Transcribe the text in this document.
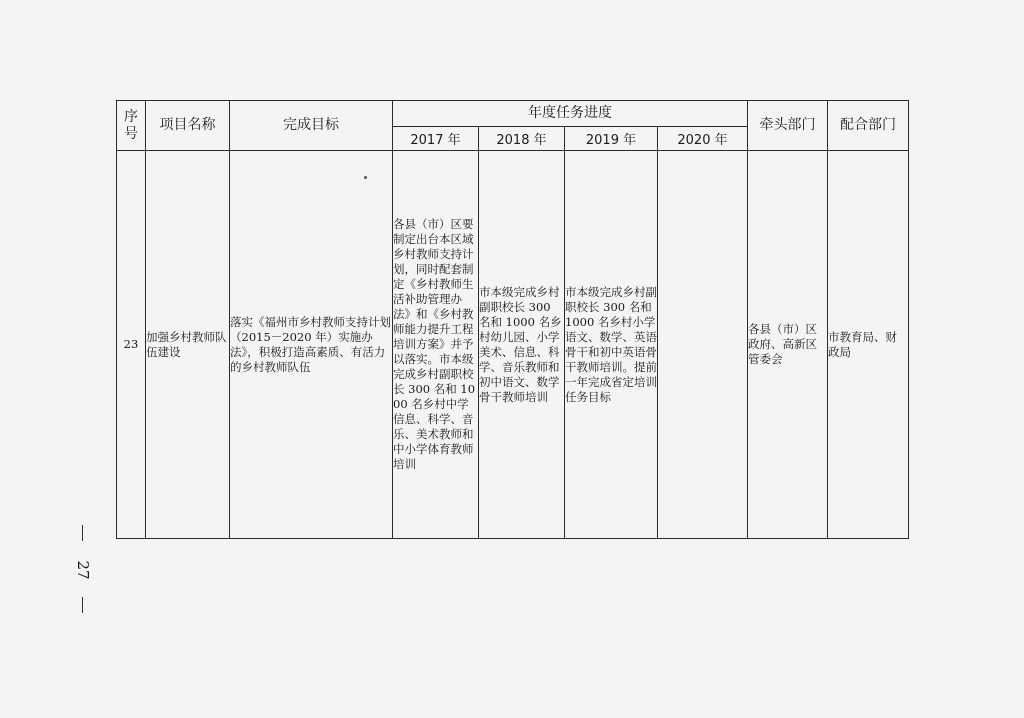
序号	项目名称	完成目标	年度任务进度				牵头部门	配合部门
			2017 年	2018 年	2019 年	2020 年		
23	加强乡村教师队伍建设	落实《福州市乡村教师支持计划（2015－2020 年）实施办法》，积极打造高素质、有活力的乡村教师队伍	各县（市）区要制定出台本区域乡村教师支持计划，同时配套制定《乡村教师生活补助管理办法》和《乡村教师能力提升工程培训方案》并予以落实。市本级完成乡村副职校长 300 名和 1000 名乡村中学信息、科学、音乐、美术教师和中小学体育教师培训	市本级完成乡村副职校长 300 名和 1000 名乡村幼儿园、小学美术、信息、科学、音乐教师和初中语文、数学骨干教师培训	市本级完成乡村副职校长 300 名和 1000 名乡村小学语文、数学、英语骨干和初中英语骨干教师培训。提前一年完成省定培训任务目标		各县（市）区政府、高新区管委会	市教育局、财政局
27
